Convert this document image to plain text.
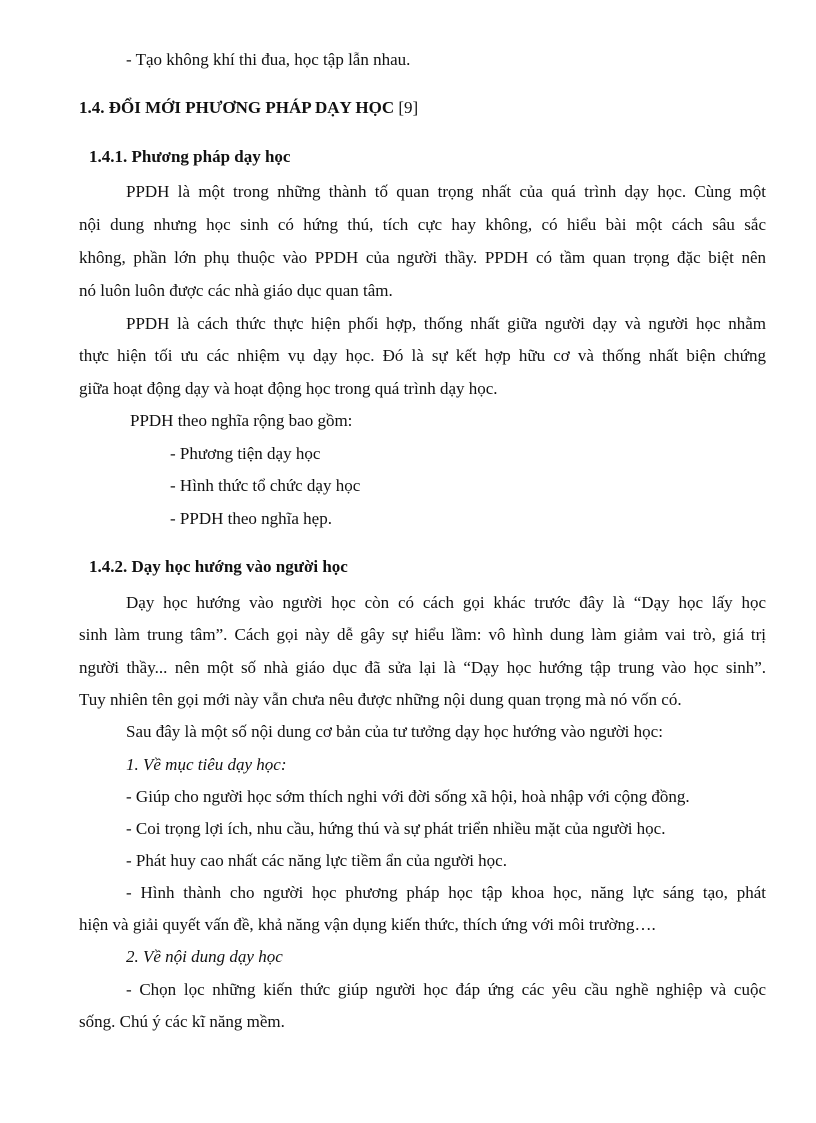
- Tạo không khí thi đua, học tập lẫn nhau.
1.4. ĐỔI MỚI PHƯƠNG PHÁP DẠY HỌC [9]
1.4.1. Phương pháp dạy học
PPDH là một trong những thành tố quan trọng nhất của quá trình dạy học. Cùng một
nội dung nhưng học sinh có hứng thú, tích cực hay không, có hiểu bài một cách sâu sắc
không, phần lớn phụ thuộc vào PPDH của người thầy. PPDH có tầm quan trọng đặc biệt nên
nó luôn luôn được các nhà giáo dục quan tâm.
PPDH là cách thức thực hiện phối hợp, thống nhất giữa người dạy và người học nhằm
thực hiện tối ưu các nhiệm vụ dạy học. Đó là sự kết hợp hữu cơ và thống nhất biện chứng
giữa hoạt động dạy và hoạt động học trong quá trình dạy học.
PPDH theo nghĩa rộng bao gồm:
- Phương tiện dạy học
- Hình thức tổ chức dạy học
- PPDH theo nghĩa hẹp.
1.4.2. Dạy học hướng vào người học
Dạy học hướng vào người học còn có cách gọi khác trước đây là “Dạy học lấy học
sinh làm trung tâm”. Cách gọi này dễ gây sự hiểu lầm: vô hình dung làm giảm vai trò, giá trị
người thầy... nên một số nhà giáo dục đã sửa lại là “Dạy học hướng tập trung vào học sinh”.
Tuy nhiên tên gọi mới này vẫn chưa nêu được những nội dung quan trọng mà nó vốn có.
Sau đây là một số nội dung cơ bản của tư tưởng dạy học hướng vào người học:
1. Về mục tiêu dạy học:
- Giúp cho người học sớm thích nghi với đời sống xã hội, hoà nhập với cộng đồng.
- Coi trọng lợi ích, nhu cầu, hứng thú và sự phát triển nhiều mặt của người học.
- Phát huy cao nhất các năng lực tiềm ẩn của người học.
- Hình thành cho người học phương pháp học tập khoa học, năng lực sáng tạo, phát
hiện và giải quyết vấn đề, khả năng vận dụng kiến thức, thích ứng với môi trường….
2. Về nội dung dạy học
- Chọn lọc những kiến thức giúp người học đáp ứng các yêu cầu nghề nghiệp và cuộc
sống. Chú ý các kĩ năng mềm.
